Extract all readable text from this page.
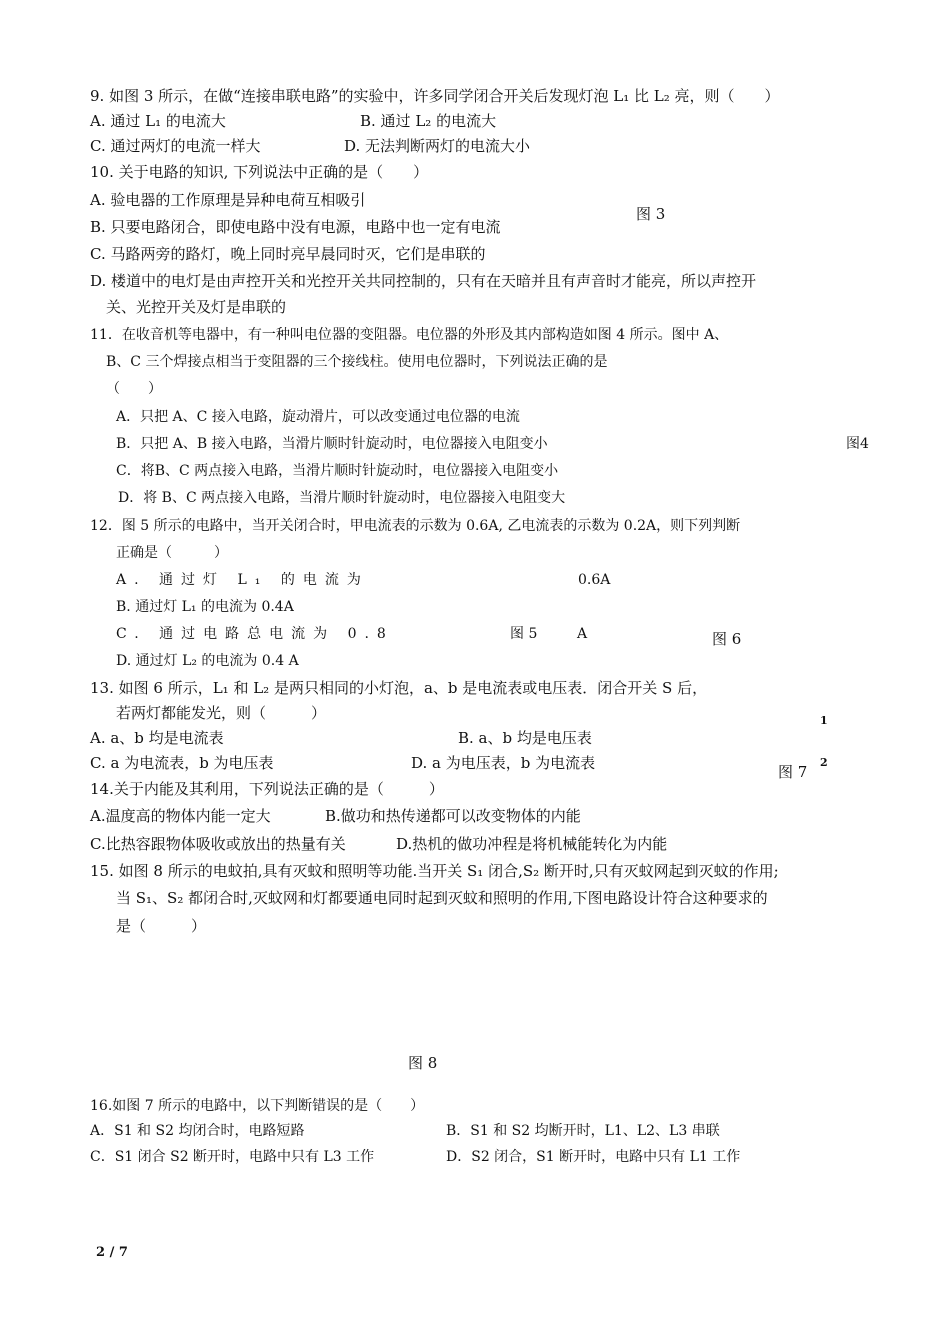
9. 如图 3 所示，在做“连接串联电路”的实验中，许多同学闭合开关后发现灯泡 L₁ 比 L₂ 亮，则（　　）
A. 通过 L₁ 的电流大	B. 通过 L₂ 的电流大
C. 通过两灯的电流一样大	D. 无法判断两灯的电流大小
10. 关于电路的知识, 下列说法中正确的是（　　）
A. 验电器的工作原理是异种电荷互相吸引
B. 只要电路闭合，即使电路中没有电源，电路中也一定有电流
C. 马路两旁的路灯，晚上同时亮早晨同时灭，它们是串联的
D. 楼道中的电灯是由声控开关和光控开关共同控制的，只有在天暗并且有声音时才能亮，所以声控开
关、光控开关及灯是串联的
图 3
11．在收音机等电器中，有一种叫电位器的变阻器。电位器的外形及其内部构造如图 4 所示。图中 A、
B、C 三个焊接点相当于变阻器的三个接线柱。使用电位器时，下列说法正确的是
（　　）
A．只把 A、C 接入电路，旋动滑片，可以改变通过电位器的电流
B．只把 A、B 接入电路，当滑片顺时针旋动时，电位器接入电阻变小
C．将B、C 两点接入电路，当滑片顺时针旋动时，电位器接入电阻变小
D．将 B、C 两点接入电路，当滑片顺时针旋动时，电位器接入电阻变大
图4
12．图 5 所示的电路中，当开关闭合时，甲电流表的示数为 0.6A, 乙电流表的示数为 0.2A，则下列判断
正确是（　　　）
A. 通过灯 L₁ 的电流为	0.6A
B. 通过灯 L₁ 的电流为 0.4A
C. 通过电路总电流为 0.8	图 5	A	图 6
D. 通过灯 L₂ 的电流为 0.4 A
13. 如图 6 所示，L₁ 和 L₂ 是两只相同的小灯泡，a、b 是电流表或电压表．闭合开关 S 后，
若两灯都能发光，则（　　　）	1
A. a、b 均是电流表	B. a、b 均是电压表
C. a 为电流表，b 为电压表	D. a 为电压表，b 为电流表	2
图 7
14.关于内能及其利用，下列说法正确的是（　　　）
A.温度高的物体内能一定大	B.做功和热传递都可以改变物体的内能
C.比热容跟物体吸收或放出的热量有关	D.热机的做功冲程是将机械能转化为内能
15. 如图 8 所示的电蚊拍,具有灭蚊和照明等功能.当开关 S₁ 闭合,S₂ 断开时,只有灭蚊网起到灭蚊的作用;
当 S₁、S₂ 都闭合时,灭蚊网和灯都要通电同时起到灭蚊和照明的作用,下图电路设计符合这种要求的
是（　　　）
图 8
16.如图 7 所示的电路中，以下判断错误的是（　　）
A．S1 和 S2 均闭合时，电路短路	B．S1 和 S2 均断开时，L1、L2、L3 串联
C．S1 闭合 S2 断开时，电路中只有 L3 工作	D．S2 闭合，S1 断开时，电路中只有 L1 工作
2 / 7
